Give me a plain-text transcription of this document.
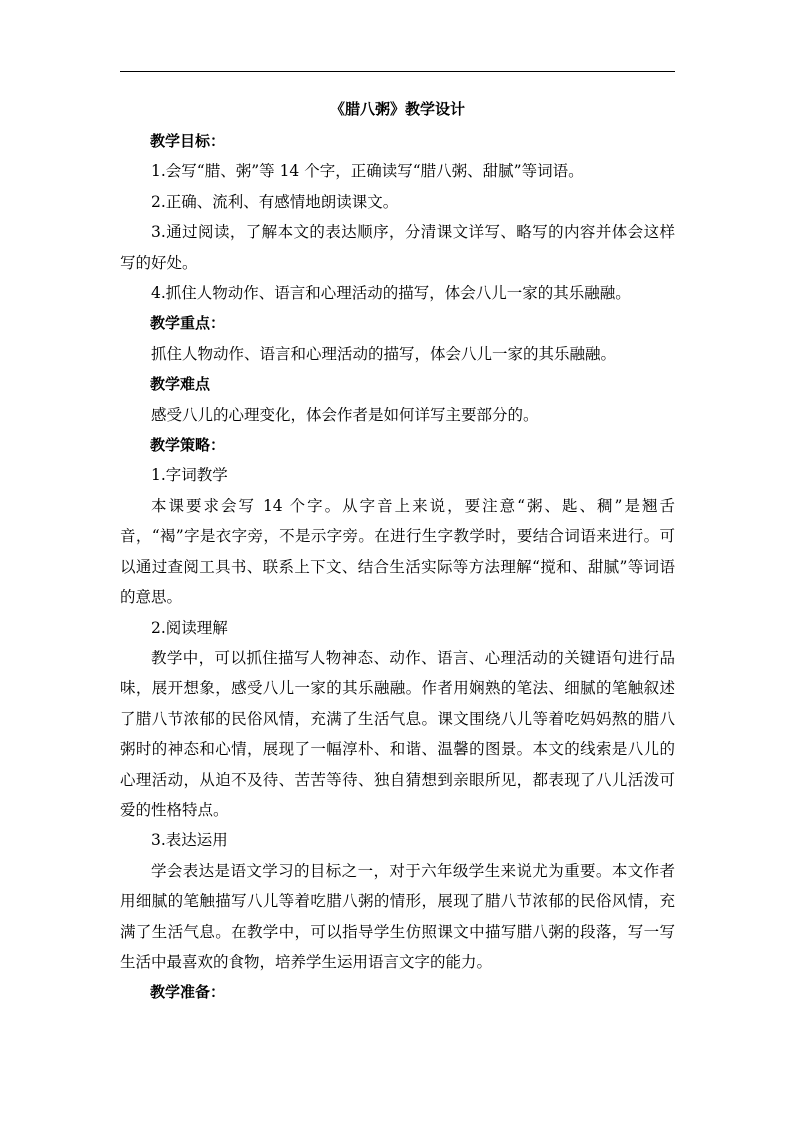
《腊八粥》教学设计

教学目标：

1.会写“腊、粥”等 14 个字，正确读写“腊八粥、甜腻”等词语。

2.正确、流利、有感情地朗读课文。

3.通过阅读，了解本文的表达顺序，分清课文详写、略写的内容并体会这样写的好处。

4.抓住人物动作、语言和心理活动的描写，体会八儿一家的其乐融融。

教学重点：

抓住人物动作、语言和心理活动的描写，体会八儿一家的其乐融融。

教学难点

感受八儿的心理变化，体会作者是如何详写主要部分的。

教学策略：

1.字词教学

本课要求会写 14 个字。从字音上来说，要注意“粥、匙、稠”是翘舌音，“褐”字是衣字旁，不是示字旁。在进行生字教学时，要结合词语来进行。可以通过查阅工具书、联系上下文、结合生活实际等方法理解“搅和、甜腻”等词语的意思。

2.阅读理解

教学中，可以抓住描写人物神态、动作、语言、心理活动的关键语句进行品味，展开想象，感受八儿一家的其乐融融。作者用娴熟的笔法、细腻的笔触叙述了腊八节浓郁的民俗风情，充满了生活气息。课文围绕八儿等着吃妈妈熬的腊八粥时的神态和心情，展现了一幅淳朴、和谐、温馨的图景。本文的线索是八儿的心理活动，从迫不及待、苦苦等待、独自猜想到亲眼所见，都表现了八儿活泼可爱的性格特点。

3.表达运用

学会表达是语文学习的目标之一，对于六年级学生来说尤为重要。本文作者用细腻的笔触描写八儿等着吃腊八粥的情形，展现了腊八节浓郁的民俗风情，充满了生活气息。在教学中，可以指导学生仿照课文中描写腊八粥的段落，写一写生活中最喜欢的食物，培养学生运用语言文字的能力。

教学准备：
